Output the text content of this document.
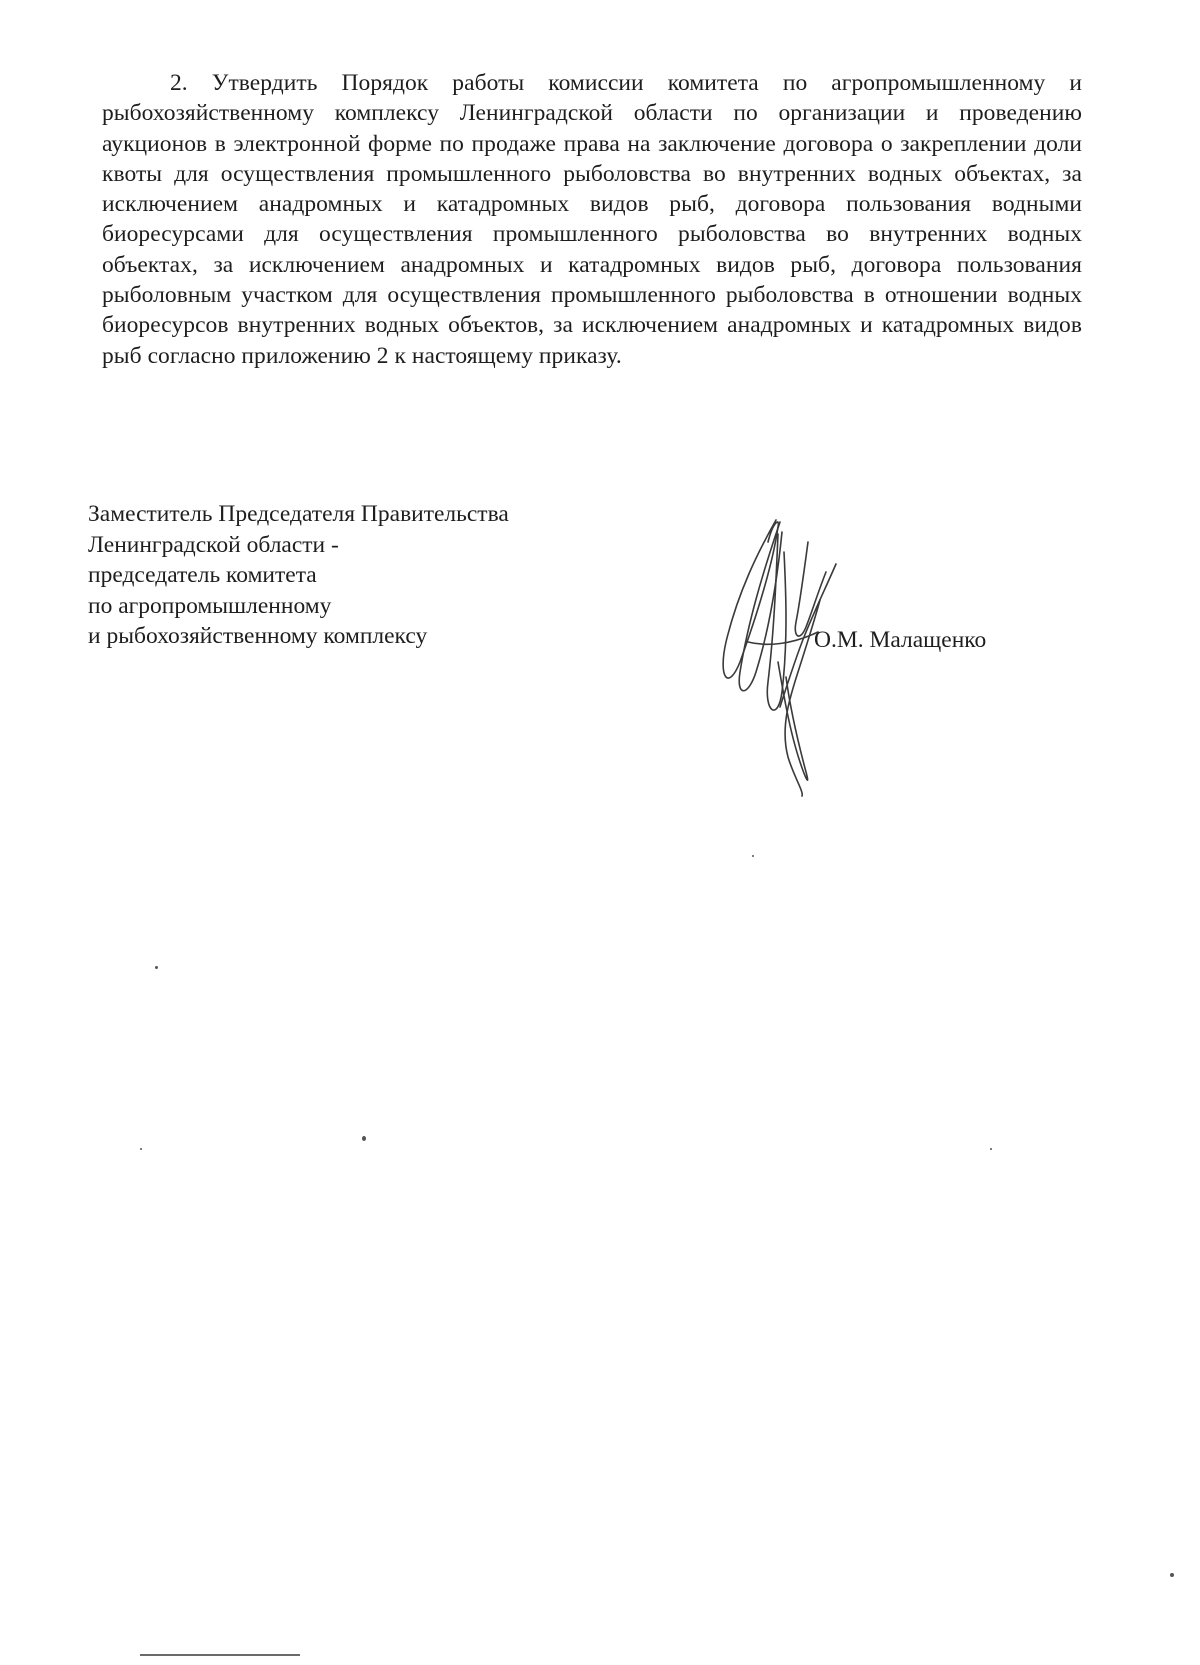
2. Утвердить Порядок работы комиссии комитета по агропромышленному и рыбохозяйственному комплексу Ленинградской области по организации и проведению аукционов в электронной форме по продаже права на заключение договора о закреплении доли квоты для осуществления промышленного рыболовства во внутренних водных объектах, за исключением анадромных и катадромных видов рыб, договора пользования водными биоресурсами для осуществления промышленного рыболовства во внутренних водных объектах, за исключением анадромных и катадромных видов рыб, договора пользования рыболовным участком для осуществления промышленного рыболовства в отношении водных биоресурсов внутренних водных объектов, за исключением анадромных и катадромных видов рыб согласно приложению 2 к настоящему приказу.

Заместитель Председателя Правительства
Ленинградской области -
председатель комитета
по агропромышленному
и рыбохозяйственному комплексу	О.М. Малащенко
